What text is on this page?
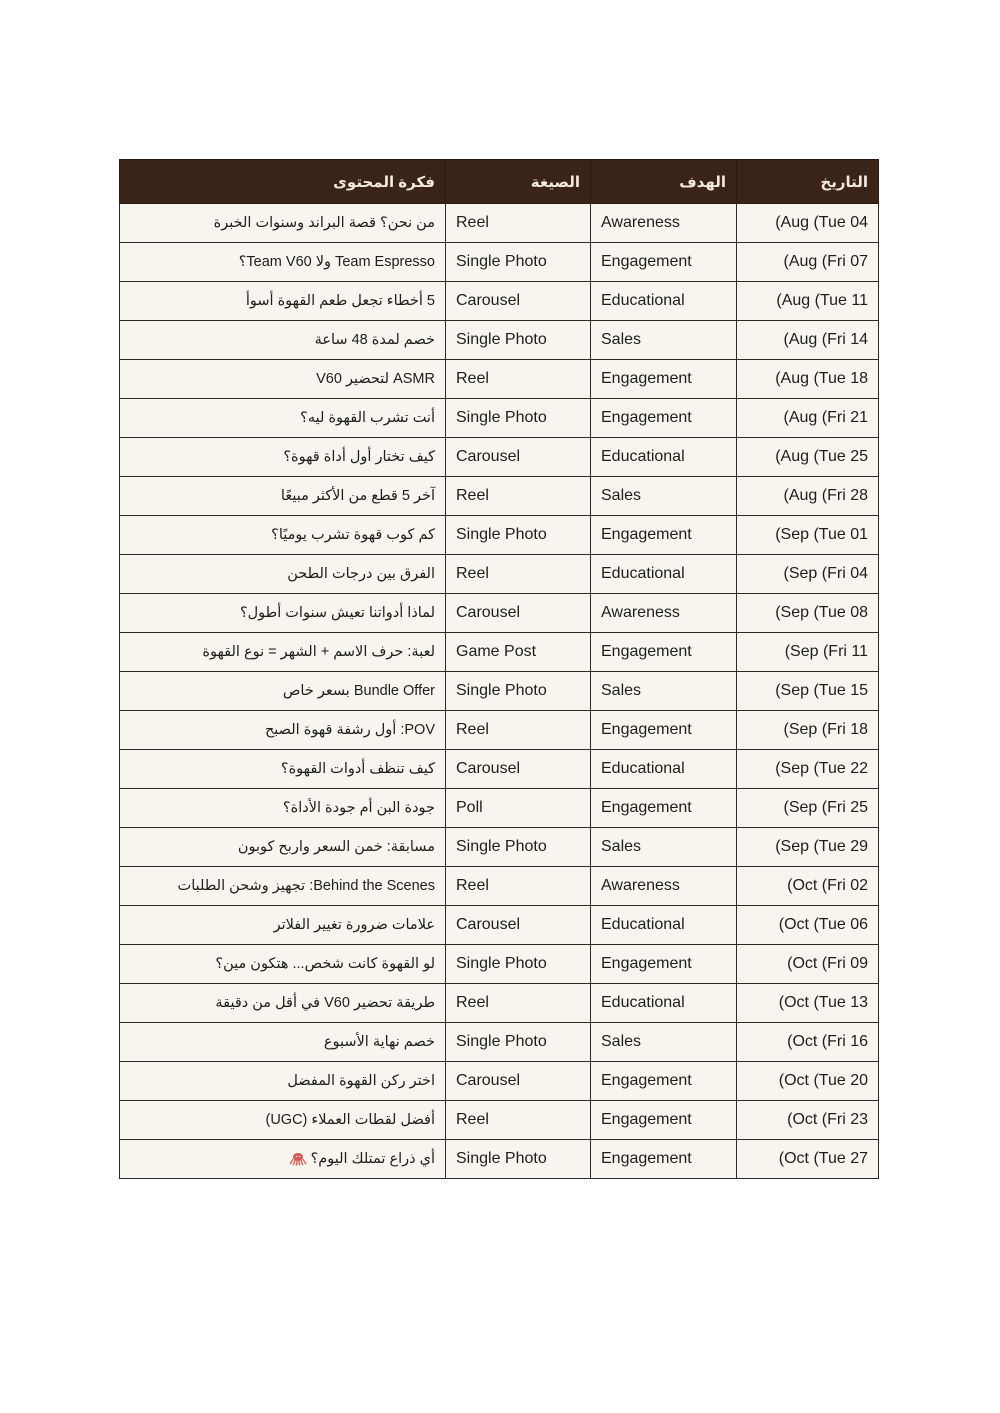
فكرة المحتوى	الصيغة	الهدف	التاريخ
من نحن؟ قصة البراند وسنوات الخبرة	Reel	Awareness	(Aug (Tue 04
Team Espresso ولا Team V60؟	Single Photo	Engagement	(Aug (Fri 07
5 أخطاء تجعل طعم القهوة أسوأ	Carousel	Educational	(Aug (Tue 11
خصم لمدة 48 ساعة	Single Photo	Sales	(Aug (Fri 14
ASMR لتحضير V60	Reel	Engagement	(Aug (Tue 18
أنت تشرب القهوة ليه؟	Single Photo	Engagement	(Aug (Fri 21
كيف تختار أول أداة قهوة؟	Carousel	Educational	(Aug (Tue 25
آخر 5 قطع من الأكثر مبيعًا	Reel	Sales	(Aug (Fri 28
كم كوب قهوة تشرب يوميًا؟	Single Photo	Engagement	(Sep (Tue 01
الفرق بين درجات الطحن	Reel	Educational	(Sep (Fri 04
لماذا أدواتنا تعيش سنوات أطول؟	Carousel	Awareness	(Sep (Tue 08
لعبة: حرف الاسم + الشهر = نوع القهوة	Game Post	Engagement	(Sep (Fri 11
Bundle Offer بسعر خاص	Single Photo	Sales	(Sep (Tue 15
POV: أول رشفة قهوة الصبح	Reel	Engagement	(Sep (Fri 18
كيف تنظف أدوات القهوة؟	Carousel	Educational	(Sep (Tue 22
جودة البن أم جودة الأداة؟	Poll	Engagement	(Sep (Fri 25
مسابقة: خمن السعر واربح كوبون	Single Photo	Sales	(Sep (Tue 29
Behind the Scenes: تجهيز وشحن الطلبات	Reel	Awareness	(Oct (Fri 02
علامات ضرورة تغيير الفلاتر	Carousel	Educational	(Oct (Tue 06
لو القهوة كانت شخص... هتكون مين؟	Single Photo	Engagement	(Oct (Fri 09
طريقة تحضير V60 في أقل من دقيقة	Reel	Educational	(Oct (Tue 13
خصم نهاية الأسبوع	Single Photo	Sales	(Oct (Fri 16
اختر ركن القهوة المفضل	Carousel	Engagement	(Oct (Tue 20
أفضل لقطات العملاء (UGC)	Reel	Engagement	(Oct (Fri 23
أي ذراع تمتلك اليوم؟	Single Photo	Engagement	(Oct (Tue 27
